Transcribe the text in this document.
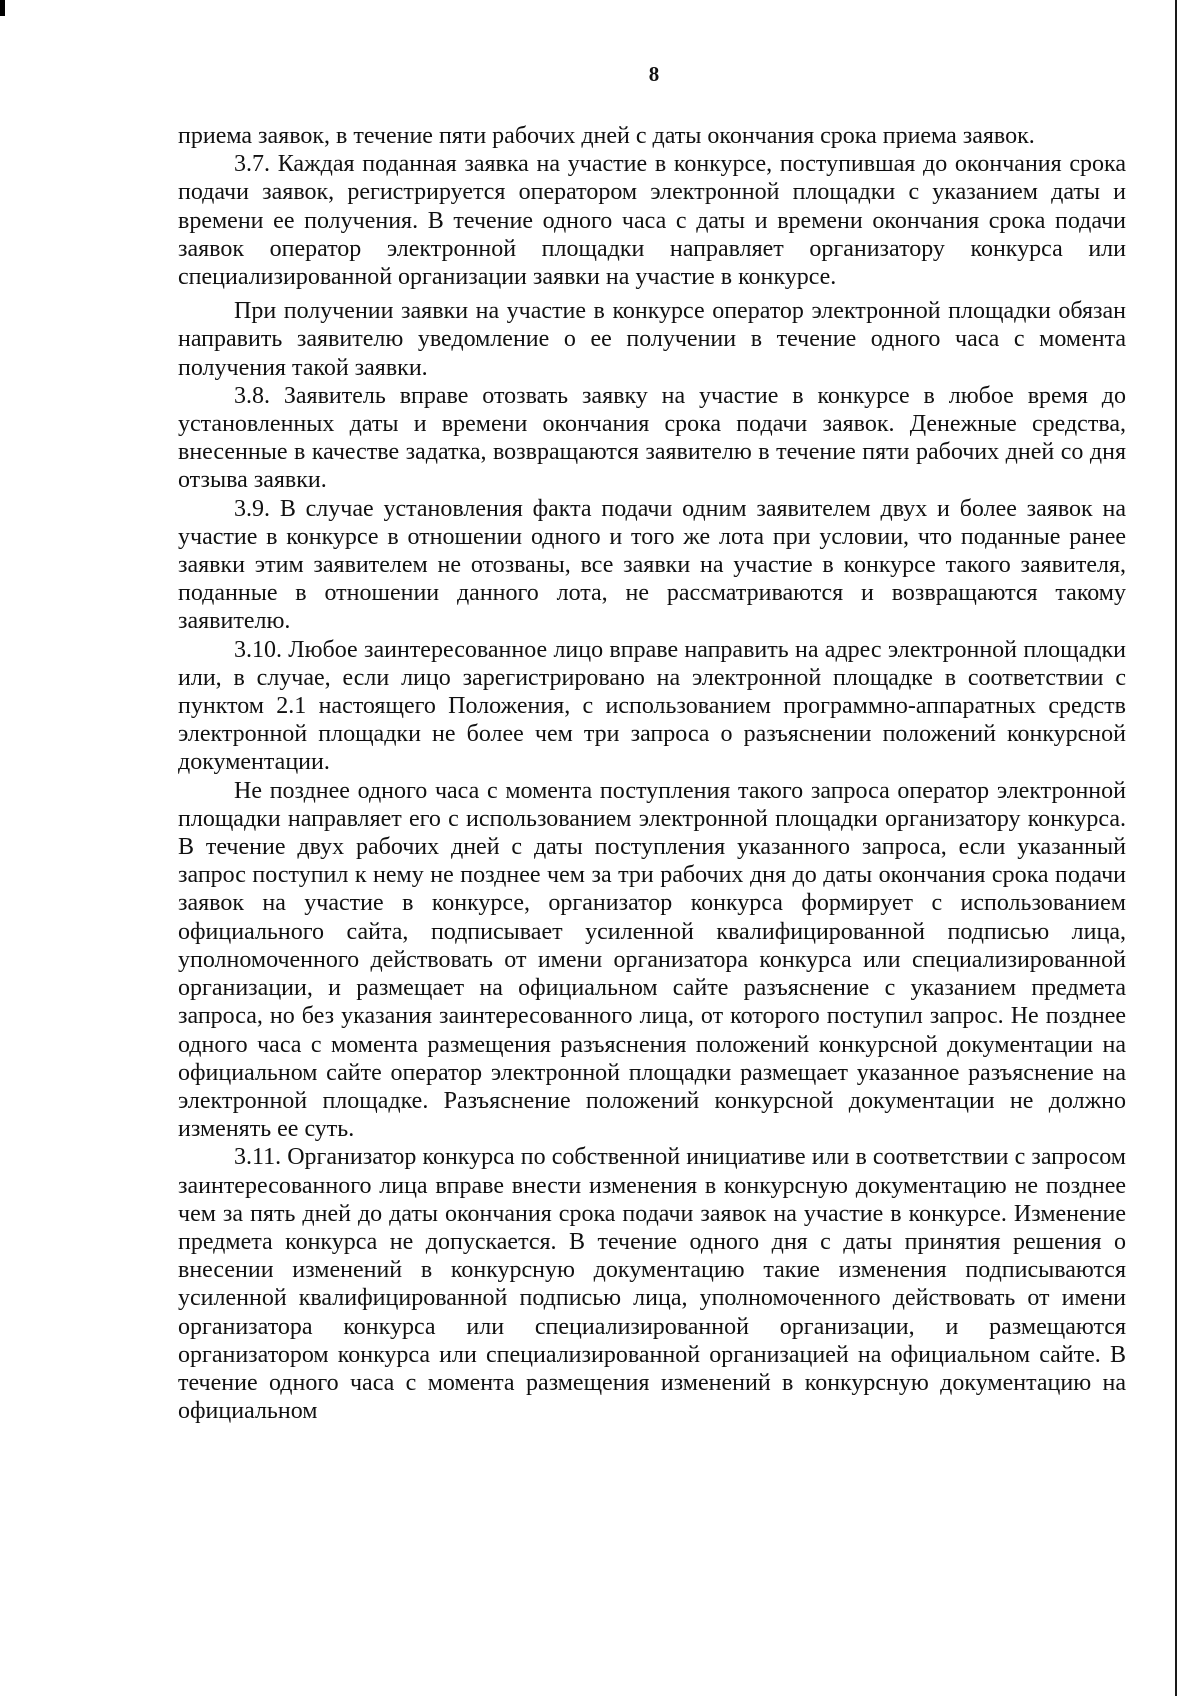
8

приема заявок, в течение пяти рабочих дней с даты окончания срока приема заявок.

3.7. Каждая поданная заявка на участие в конкурсе, поступившая до окончания срока подачи заявок, регистрируется оператором электронной площадки с указанием даты и времени ее получения. В течение одного часа с даты и времени окончания срока подачи заявок оператор электронной площадки направляет организатору конкурса или специализированной организации заявки на участие в конкурсе.

При получении заявки на участие в конкурсе оператор электронной площадки обязан направить заявителю уведомление о ее получении в течение одного часа с момента получения такой заявки.

3.8. Заявитель вправе отозвать заявку на участие в конкурсе в любое время до установленных даты и времени окончания срока подачи заявок. Денежные средства, внесенные в качестве задатка, возвращаются заявителю в течение пяти рабочих дней со дня отзыва заявки.

3.9. В случае установления факта подачи одним заявителем двух и более заявок на участие в конкурсе в отношении одного и того же лота при условии, что поданные ранее заявки этим заявителем не отозваны, все заявки на участие в конкурсе такого заявителя, поданные в отношении данного лота, не рассматриваются и возвращаются такому заявителю.

3.10. Любое заинтересованное лицо вправе направить на адрес электронной площадки или, в случае, если лицо зарегистрировано на электронной площадке в соответствии с пунктом 2.1 настоящего Положения, с использованием программно-аппаратных средств электронной площадки не более чем три запроса о разъяснении положений конкурсной документации.

Не позднее одного часа с момента поступления такого запроса оператор электронной площадки направляет его с использованием электронной площадки организатору конкурса. В течение двух рабочих дней с даты поступления указанного запроса, если указанный запрос поступил к нему не позднее чем за три рабочих дня до даты окончания срока подачи заявок на участие в конкурсе, организатор конкурса формирует с использованием официального сайта, подписывает усиленной квалифицированной подписью лица, уполномоченного действовать от имени организатора конкурса или специализированной организации, и размещает на официальном сайте разъяснение с указанием предмета запроса, но без указания заинтересованного лица, от которого поступил запрос. Не позднее одного часа с момента размещения разъяснения положений конкурсной документации на официальном сайте оператор электронной площадки размещает указанное разъяснение на электронной площадке. Разъяснение положений конкурсной документации не должно изменять ее суть.

3.11. Организатор конкурса по собственной инициативе или в соответствии с запросом заинтересованного лица вправе внести изменения в конкурсную документацию не позднее чем за пять дней до даты окончания срока подачи заявок на участие в конкурсе. Изменение предмета конкурса не допускается. В течение одного дня с даты принятия решения о внесении изменений в конкурсную документацию такие изменения подписываются усиленной квалифицированной подписью лица, уполномоченного действовать от имени организатора конкурса или специализированной организации, и размещаются организатором конкурса или специализированной организацией на официальном сайте. В течение одного часа с момента размещения изменений в конкурсную документацию на официальном
